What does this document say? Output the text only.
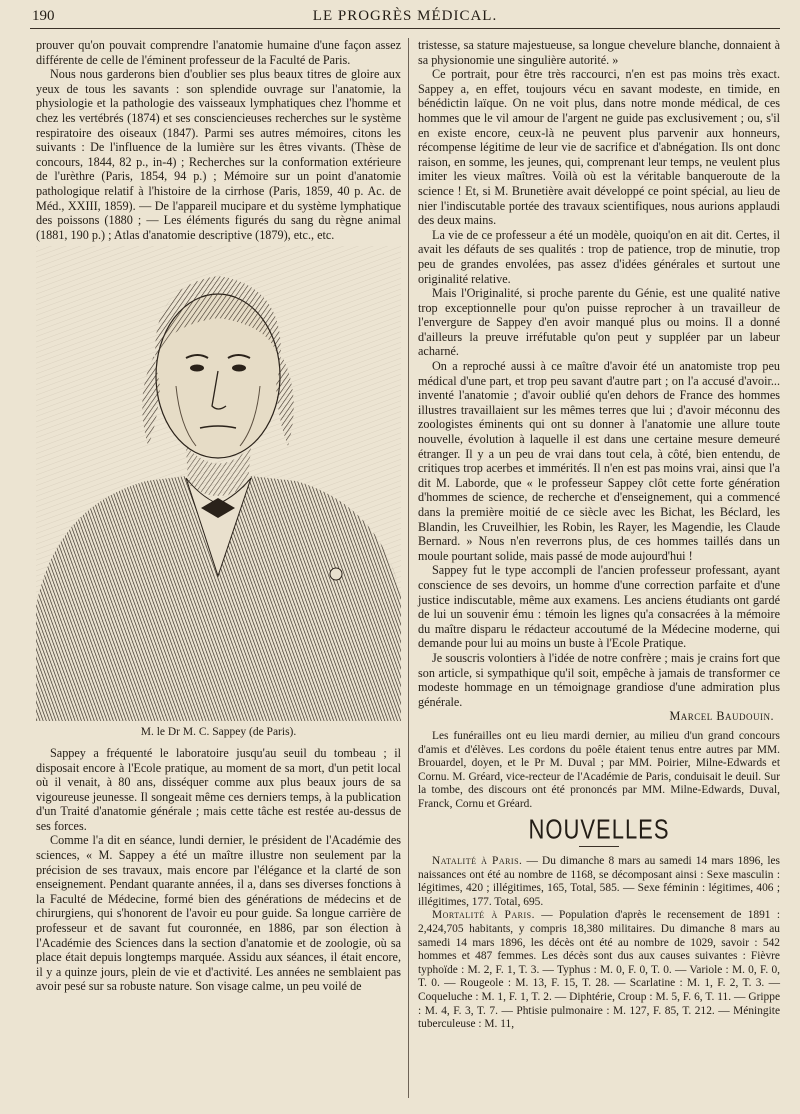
190	LE PROGRÈS MÉDICAL.

prouver qu'on pouvait comprendre l'anatomie humaine d'une façon assez différente de celle de l'éminent professeur de la Faculté de Paris.

Nous nous garderons bien d'oublier ses plus beaux titres de gloire aux yeux de tous les savants : son splendide ouvrage sur l'anatomie, la physiologie et la pathologie des vaisseaux lymphatiques chez l'homme et chez les vertébrés (1874) et ses consciencieuses recherches sur le système respiratoire des oiseaux (1847). Parmi ses autres mémoires, citons les suivants : De l'influence de la lumière sur les êtres vivants. (Thèse de concours, 1844, 82 p., in-4) ; Recherches sur la conformation extérieure de l'urèthre (Paris, 1854, 94 p.) ; Mémoire sur un point d'anatomie pathologique relatif à l'histoire de la cirrhose (Paris, 1859, 40 p. Ac. de Méd., XXIII, 1859). — De l'appareil mucipare et du système lymphatique des poissons (1880 ; — Les éléments figurés du sang du règne animal (1881, 190 p.) ; Atlas d'anatomie descriptive (1879), etc., etc.

M. le Dr M. C. Sappey (de Paris).

Sappey a fréquenté le laboratoire jusqu'au seuil du tombeau ; il disposait encore à l'Ecole pratique, au moment de sa mort, d'un petit local où il venait, à 80 ans, disséquer comme aux plus beaux jours de sa vigoureuse jeunesse. Il songeait même ces derniers temps, à la publication d'un Traité d'anatomie générale ; mais cette tâche est restée au-dessus de ses forces.

Comme l'a dit en séance, lundi dernier, le président de l'Académie des sciences, « M. Sappey a été un maître illustre non seulement par la précision de ses travaux, mais encore par l'élégance et la clarté de son enseignement. Pendant quarante années, il a, dans ses diverses fonctions à la Faculté de Médecine, formé bien des générations de médecins et de chirurgiens, qui s'honorent de l'avoir eu pour guide. Sa longue carrière de professeur et de savant fut couronnée, en 1886, par son élection à l'Académie des Sciences dans la section d'anatomie et de zoologie, où sa place était depuis longtemps marquée. Assidu aux séances, il était encore, il y a quinze jours, plein de vie et d'activité. Les années ne semblaient pas avoir pesé sur sa robuste nature. Son visage calme, un peu voilé de

tristesse, sa stature majestueuse, sa longue chevelure blanche, donnaient à sa physionomie une singulière autorité. »

Ce portrait, pour être très raccourci, n'en est pas moins très exact. Sappey a, en effet, toujours vécu en savant modeste, en timide, en bénédictin laïque. On ne voit plus, dans notre monde médical, de ces hommes que le vil amour de l'argent ne guide pas exclusivement ; ou, s'il en existe encore, ceux-là ne peuvent plus parvenir aux honneurs, récompense légitime de leur vie de sacrifice et d'abnégation. Ils ont donc raison, en somme, les jeunes, qui, comprenant leur temps, ne veulent plus imiter les vieux maîtres. Voilà où est la véritable banqueroute de la science ! Et, si M. Brunetière avait développé ce point spécial, au lieu de nier l'indiscutable portée des travaux scientifiques, nous aurions applaudi des deux mains.

La vie de ce professeur a été un modèle, quoiqu'on en ait dit. Certes, il avait les défauts de ses qualités : trop de patience, trop de minutie, trop peu de grandes envolées, pas assez d'idées générales et surtout une originalité relative.

Mais l'Originalité, si proche parente du Génie, est une qualité native trop exceptionnelle pour qu'on puisse reprocher à un travailleur de l'envergure de Sappey d'en avoir manqué plus ou moins. Il a donné d'ailleurs la preuve irréfutable qu'on peut y suppléer par un labeur acharné.

On a reproché aussi à ce maître d'avoir été un anatomiste trop peu médical d'une part, et trop peu savant d'autre part ; on l'a accusé d'avoir... inventé l'anatomie ; d'avoir oublié qu'en dehors de France des hommes illustres travaillaient sur les mêmes terres que lui ; d'avoir méconnu des zoologistes éminents qui ont su donner à l'anatomie une allure toute nouvelle, évolution à laquelle il est dans une certaine mesure demeuré étranger. Il y a un peu de vrai dans tout cela, à côté, bien entendu, de critiques trop acerbes et immérités. Il n'en est pas moins vrai, ainsi que l'a dit M. Laborde, que « le professeur Sappey clôt cette forte génération d'hommes de science, de recherche et d'enseignement, qui a commencé dans la première moitié de ce siècle avec les Bichat, les Béclard, les Blandin, les Cruveilhier, les Robin, les Rayer, les Magendie, les Claude Bernard. » Nous n'en reverrons plus, de ces hommes taillés dans un moule pourtant solide, mais passé de mode aujourd'hui !

Sappey fut le type accompli de l'ancien professeur professant, ayant conscience de ses devoirs, un homme d'une correction parfaite et d'une justice indiscutable, même aux examens. Les anciens étudiants ont gardé de lui un souvenir ému : témoin les lignes qu'a consacrées à la mémoire du maître disparu le rédacteur accoutumé de la Médecine moderne, qui demande pour lui au moins un buste à l'Ecole Pratique.

Je souscris volontiers à l'idée de notre confrère ; mais je crains fort que son article, si sympathique qu'il soit, empêche à jamais de transformer ce modeste hommage en un témoignage grandiose d'une admiration plus générale.

Marcel Baudouin.

Les funérailles ont eu lieu mardi dernier, au milieu d'un grand concours d'amis et d'élèves. Les cordons du poêle étaient tenus entre autres par MM. Brouardel, doyen, et le Pr M. Duval ; par MM. Poirier, Milne-Edwards et Cornu. M. Gréard, vice-recteur de l'Académie de Paris, conduisait le deuil. Sur la tombe, des discours ont été prononcés par MM. Milne-Edwards, Duval, Franck, Cornu et Gréard.

NOUVELLES

Natalité à Paris. — Du dimanche 8 mars au samedi 14 mars 1896, les naissances ont été au nombre de 1168, se décomposant ainsi : Sexe masculin : légitimes, 420 ; illégitimes, 165, Total, 585. — Sexe féminin : légitimes, 406 ; illégitimes, 177. Total, 695.

Mortalité à Paris. — Population d'après le recensement de 1891 : 2,424,705 habitants, y compris 18,380 militaires. Du dimanche 8 mars au samedi 14 mars 1896, les décès ont été au nombre de 1029, savoir : 542 hommes et 487 femmes. Les décès sont dus aux causes suivantes : Fièvre typhoïde : M. 2, F. 1, T. 3. — Typhus : M. 0, F. 0, T. 0. — Variole : M. 0, F. 0, T. 0. — Rougeole : M. 13, F. 15, T. 28. — Scarlatine : M. 1, F. 2, T. 3. — Coqueluche : M. 1, F. 1, T. 2. — Diphtérie, Croup : M. 5, F. 6, T. 11. — Grippe : M. 4, F. 3, T. 7. — Phtisie pulmonaire : M. 127, F. 85, T. 212. — Méningite tuberculeuse : M. 11,
